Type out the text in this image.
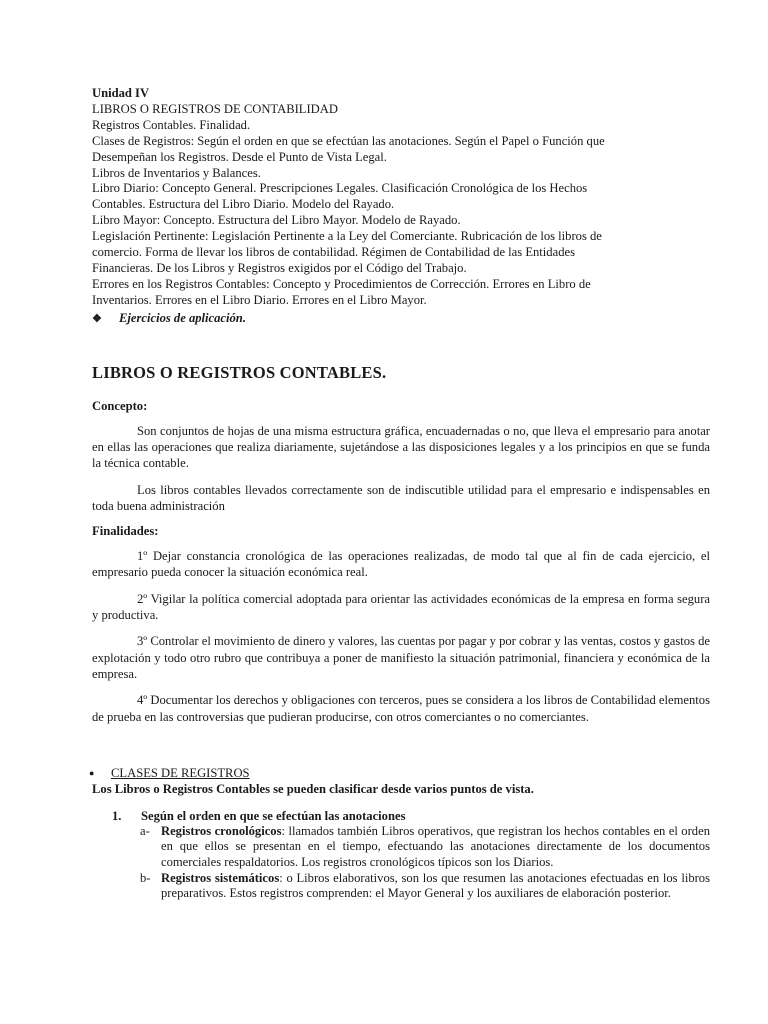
Unidad IV
LIBROS O REGISTROS DE CONTABILIDAD
Registros Contables. Finalidad.
Clases de Registros: Según el orden en que se efectúan las anotaciones. Según el Papel o Función que
Desempeñan los Registros. Desde el Punto de Vista Legal.
Libros de Inventarios y Balances.
Libro Diario: Concepto General. Prescripciones Legales. Clasificación Cronológica de los Hechos
Contables. Estructura del Libro Diario. Modelo del Rayado.
Libro Mayor: Concepto. Estructura del Libro Mayor. Modelo de Rayado.
Legislación Pertinente: Legislación Pertinente a la Ley del Comerciante. Rubricación de los libros de
comercio. Forma de llevar los libros de contabilidad. Régimen de Contabilidad de las Entidades
Financieras. De los Libros y Registros exigidos por el Código del Trabajo.
Errores en los Registros Contables: Concepto y Procedimientos de Corrección. Errores en Libro de
Inventarios. Errores en el Libro Diario. Errores en el Libro Mayor.
❖	Ejercicios de aplicación.
LIBROS O REGISTROS CONTABLES.
Concepto:

Son conjuntos de hojas de una misma estructura gráfica, encuadernadas o no, que lleva el empresario para anotar en ellas las operaciones que realiza diariamente, sujetándose a las disposiciones legales y a los principios en que se funda la técnica contable.

Los libros contables llevados correctamente son de indiscutible utilidad para el empresario e indispensables en toda buena administración

Finalidades:

1º Dejar constancia cronológica de las operaciones realizadas, de modo tal que al fin de cada ejercicio, el empresario pueda conocer la situación económica real.

2º Vigilar la política comercial adoptada para orientar las actividades económicas de la empresa en forma segura y productiva.

3º Controlar el movimiento de dinero y valores, las cuentas por pagar y por cobrar y las ventas, costos y gastos de explotación y todo otro rubro que contribuya a poner de manifiesto la situación patrimonial, financiera y económica de la empresa.

4º Documentar los derechos y obligaciones con terceros, pues se considera a los libros de Contabilidad elementos de prueba en las controversias que pudieran producirse, con otros comerciantes o no comerciantes.

●	CLASES DE REGISTROS
Los Libros o Registros Contables se pueden clasificar desde varios puntos de vista.
1.	Según el orden en que se efectúan las anotaciones
a- Registros cronológicos: llamados también Libros operativos, que registran los hechos contables en el orden en que ellos se presentan en el tiempo, efectuando las anotaciones directamente de los documentos comerciales respaldatorios. Los registros cronológicos típicos son los Diarios.
b- Registros sistemáticos: o Libros elaborativos, son los que resumen las anotaciones efectuadas en los libros preparativos. Estos registros comprenden: el Mayor General y los auxiliares de elaboración posterior.
